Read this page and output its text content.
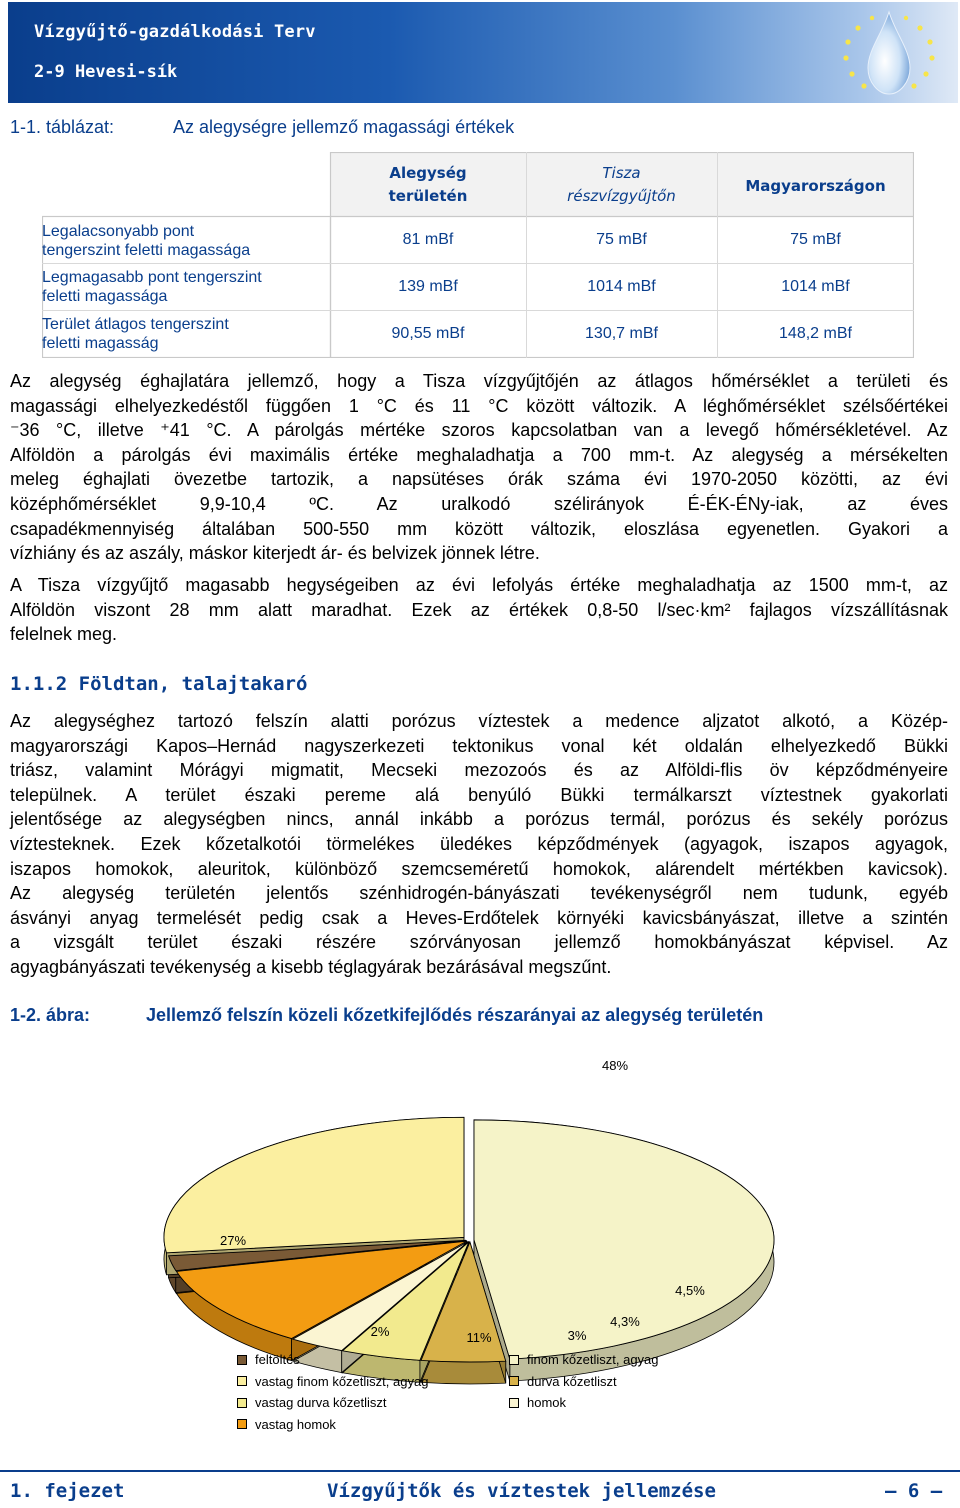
Vízgyűjtő-gazdálkodási Terv
2-9 Hevesi-sík
1-1. táblázat:	Az alegységre jellemző magassági értékek
Alegység
területén
Tisza
részvízgyűjtőn
Magyarországon
Legalacsonyabb pont
tengerszint feletti magassága
81 mBf	75 mBf	75 mBf
Legmagasabb pont tengerszint
feletti magassága
139 mBf	1014 mBf	1014 mBf
Terület átlagos tengerszint
feletti magasság
90,55 mBf	130,7 mBf	148,2 mBf
Az alegység éghajlatára jellemző, hogy a Tisza vízgyűjtőjén az átlagos hőmérséklet a területi és
magassági elhelyezkedéstől függően 1 °C és 11 °C között változik. A léghőmérséklet szélsőértékei
⁻36 °C, illetve ⁺41 °C. A párolgás mértéke szoros kapcsolatban van a levegő hőmérsékletével. Az
Alföldön a párolgás évi maximális értéke meghaladhatja a 700 mm-t. Az alegység a mérsékelten
meleg éghajlati övezetbe tartozik, a napsütéses órák száma évi 1970-2050 közötti, az évi
középhőmérséklet 9,9-10,4 ºC. Az uralkodó szélirányok É-ÉK-ÉNy-iak, az éves
csapadékmennyiség általában 500-550 mm között változik, eloszlása egyenetlen. Gyakori a
vízhiány és az aszály, máskor kiterjedt ár- és belvizek jönnek létre.
A Tisza vízgyűjtő magasabb hegységeiben az évi lefolyás értéke meghaladhatja az 1500 mm-t, az
Alföldön viszont 28 mm alatt maradhat. Ezek az értékek 0,8-50 l/sec·km² fajlagos vízszállításnak
felelnek meg.
1.1.2 Földtan, talajtakaró
Az alegységhez tartozó felszín alatti porózus víztestek a medence aljzatot alkotó, a Közép-
magyarországi Kapos–Hernád nagyszerkezeti tektonikus vonal két oldalán elhelyezkedő Bükki
triász, valamint Mórágyi migmatit, Mecseki mezozoós és az Alföldi-flis öv képződményeire
települnek. A terület északi pereme alá benyúló Bükki termálkarszt víztestnek gyakorlati
jelentősége az alegységben nincs, annál inkább a porózus termál, porózus és sekély porózus
víztesteknek. Ezek kőzetalkotói törmelékes üledékes képződmények (agyagok, iszapos agyagok,
iszapos homokok, aleuritok, különböző szemcseméretű homokok, alárendelt mértékben kavicsok).
Az alegység területén jelentős szénhidrogén-bányászati tevékenységről nem tudunk, egyéb
ásványi anyag termelését pedig csak a Heves-Erdőtelek környéki kavicsbányászat, illetve a szintén
a vizsgált terület északi részére szórványosan jellemző homokbányászat képvisel. Az
agyagbányászati tevékenység a kisebb téglagyárak bezárásával megszűnt.
1-2. ábra:	Jellemző felszín közeli kőzetkifejlődés részarányai az alegység területén
2%
48%
27%
4,5%
4,3%
3%
11%
feltöltés
vastag finom kőzetliszt, agyag
vastag durva kőzetliszt
vastag homok
finom kőzetliszt, agyag
durva kőzetliszt
homok
1. fejezet	Vízgyűjtők és víztestek jellemzése	— 6 —
